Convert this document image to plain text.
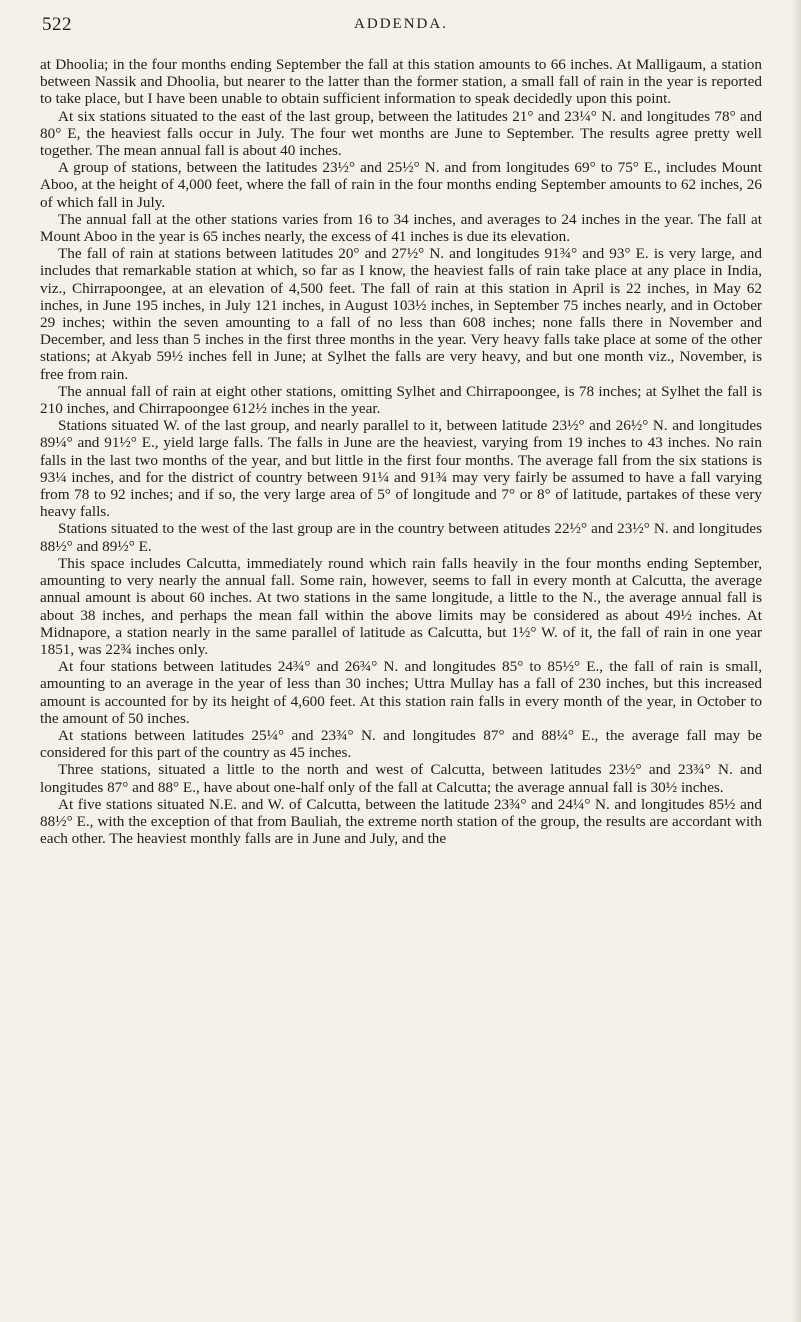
522	ADDENDA.

at Dhoolia; in the four months ending September the fall at this station amounts to 66 inches. At Malligaum, a station between Nassik and Dhoolia, but nearer to the latter than the former station, a small fall of rain in the year is reported to take place, but I have been unable to obtain sufficient information to speak decidedly upon this point.

At six stations situated to the east of the last group, between the latitudes 21° and 23¼° N. and longitudes 78° and 80° E, the heaviest falls occur in July. The four wet months are June to September. The results agree pretty well together. The mean annual fall is about 40 inches.

A group of stations, between the latitudes 23½° and 25½° N. and from longitudes 69° to 75° E., includes Mount Aboo, at the height of 4,000 feet, where the fall of rain in the four months ending September amounts to 62 inches, 26 of which fall in July.

The annual fall at the other stations varies from 16 to 34 inches, and averages to 24 inches in the year. The fall at Mount Aboo in the year is 65 inches nearly, the excess of 41 inches is due its elevation.

The fall of rain at stations between latitudes 20° and 27½° N. and longitudes 91¾° and 93° E. is very large, and includes that remarkable station at which, so far as I know, the heaviest falls of rain take place at any place in India, viz., Chirrapoongee, at an elevation of 4,500 feet. The fall of rain at this station in April is 22 inches, in May 62 inches, in June 195 inches, in July 121 inches, in August 103½ inches, in September 75 inches nearly, and in October 29 inches; within the seven amounting to a fall of no less than 608 inches; none falls there in November and December, and less than 5 inches in the first three months in the year. Very heavy falls take place at some of the other stations; at Akyab 59½ inches fell in June; at Sylhet the falls are very heavy, and but one month viz., November, is free from rain.

The annual fall of rain at eight other stations, omitting Sylhet and Chirrapoongee, is 78 inches; at Sylhet the fall is 210 inches, and Chirrapoongee 612½ inches in the year.

Stations situated W. of the last group, and nearly parallel to it, between latitude 23½° and 26½° N. and longitudes 89¼° and 91½° E., yield large falls. The falls in June are the heaviest, varying from 19 inches to 43 inches. No rain falls in the last two months of the year, and but little in the first four months. The average fall from the six stations is 93¼ inches, and for the district of country between 91¼ and 91¾ may very fairly be assumed to have a fall varying from 78 to 92 inches; and if so, the very large area of 5° of longitude and 7° or 8° of latitude, partakes of these very heavy falls.

Stations situated to the west of the last group are in the country between atitudes 22½° and 23½° N. and longitudes 88½° and 89½° E.

This space includes Calcutta, immediately round which rain falls heavily in the four months ending September, amounting to very nearly the annual fall. Some rain, however, seems to fall in every month at Calcutta, the average annual amount is about 60 inches. At two stations in the same longitude, a little to the N., the average annual fall is about 38 inches, and perhaps the mean fall within the above limits may be considered as about 49½ inches. At Midnapore, a station nearly in the same parallel of latitude as Calcutta, but 1½° W. of it, the fall of rain in one year 1851, was 22¾ inches only.

At four stations between latitudes 24¾° and 26¾° N. and longitudes 85° to 85½° E., the fall of rain is small, amounting to an average in the year of less than 30 inches; Uttra Mullay has a fall of 230 inches, but this increased amount is accounted for by its height of 4,600 feet. At this station rain falls in every month of the year, in October to the amount of 50 inches.

At stations between latitudes 25¼° and 23¾° N. and longitudes 87° and 88¼° E., the average fall may be considered for this part of the country as 45 inches.

Three stations, situated a little to the north and west of Calcutta, between latitudes 23½° and 23¾° N. and longitudes 87° and 88° E., have about one-half only of the fall at Calcutta; the average annual fall is 30½ inches.

At five stations situated N.E. and W. of Calcutta, between the latitude 23¾° and 24¼° N. and longitudes 85½ and 88½° E., with the exception of that from Bauliah, the extreme north station of the group, the results are accordant with each other. The heaviest monthly falls are in June and July, and the
